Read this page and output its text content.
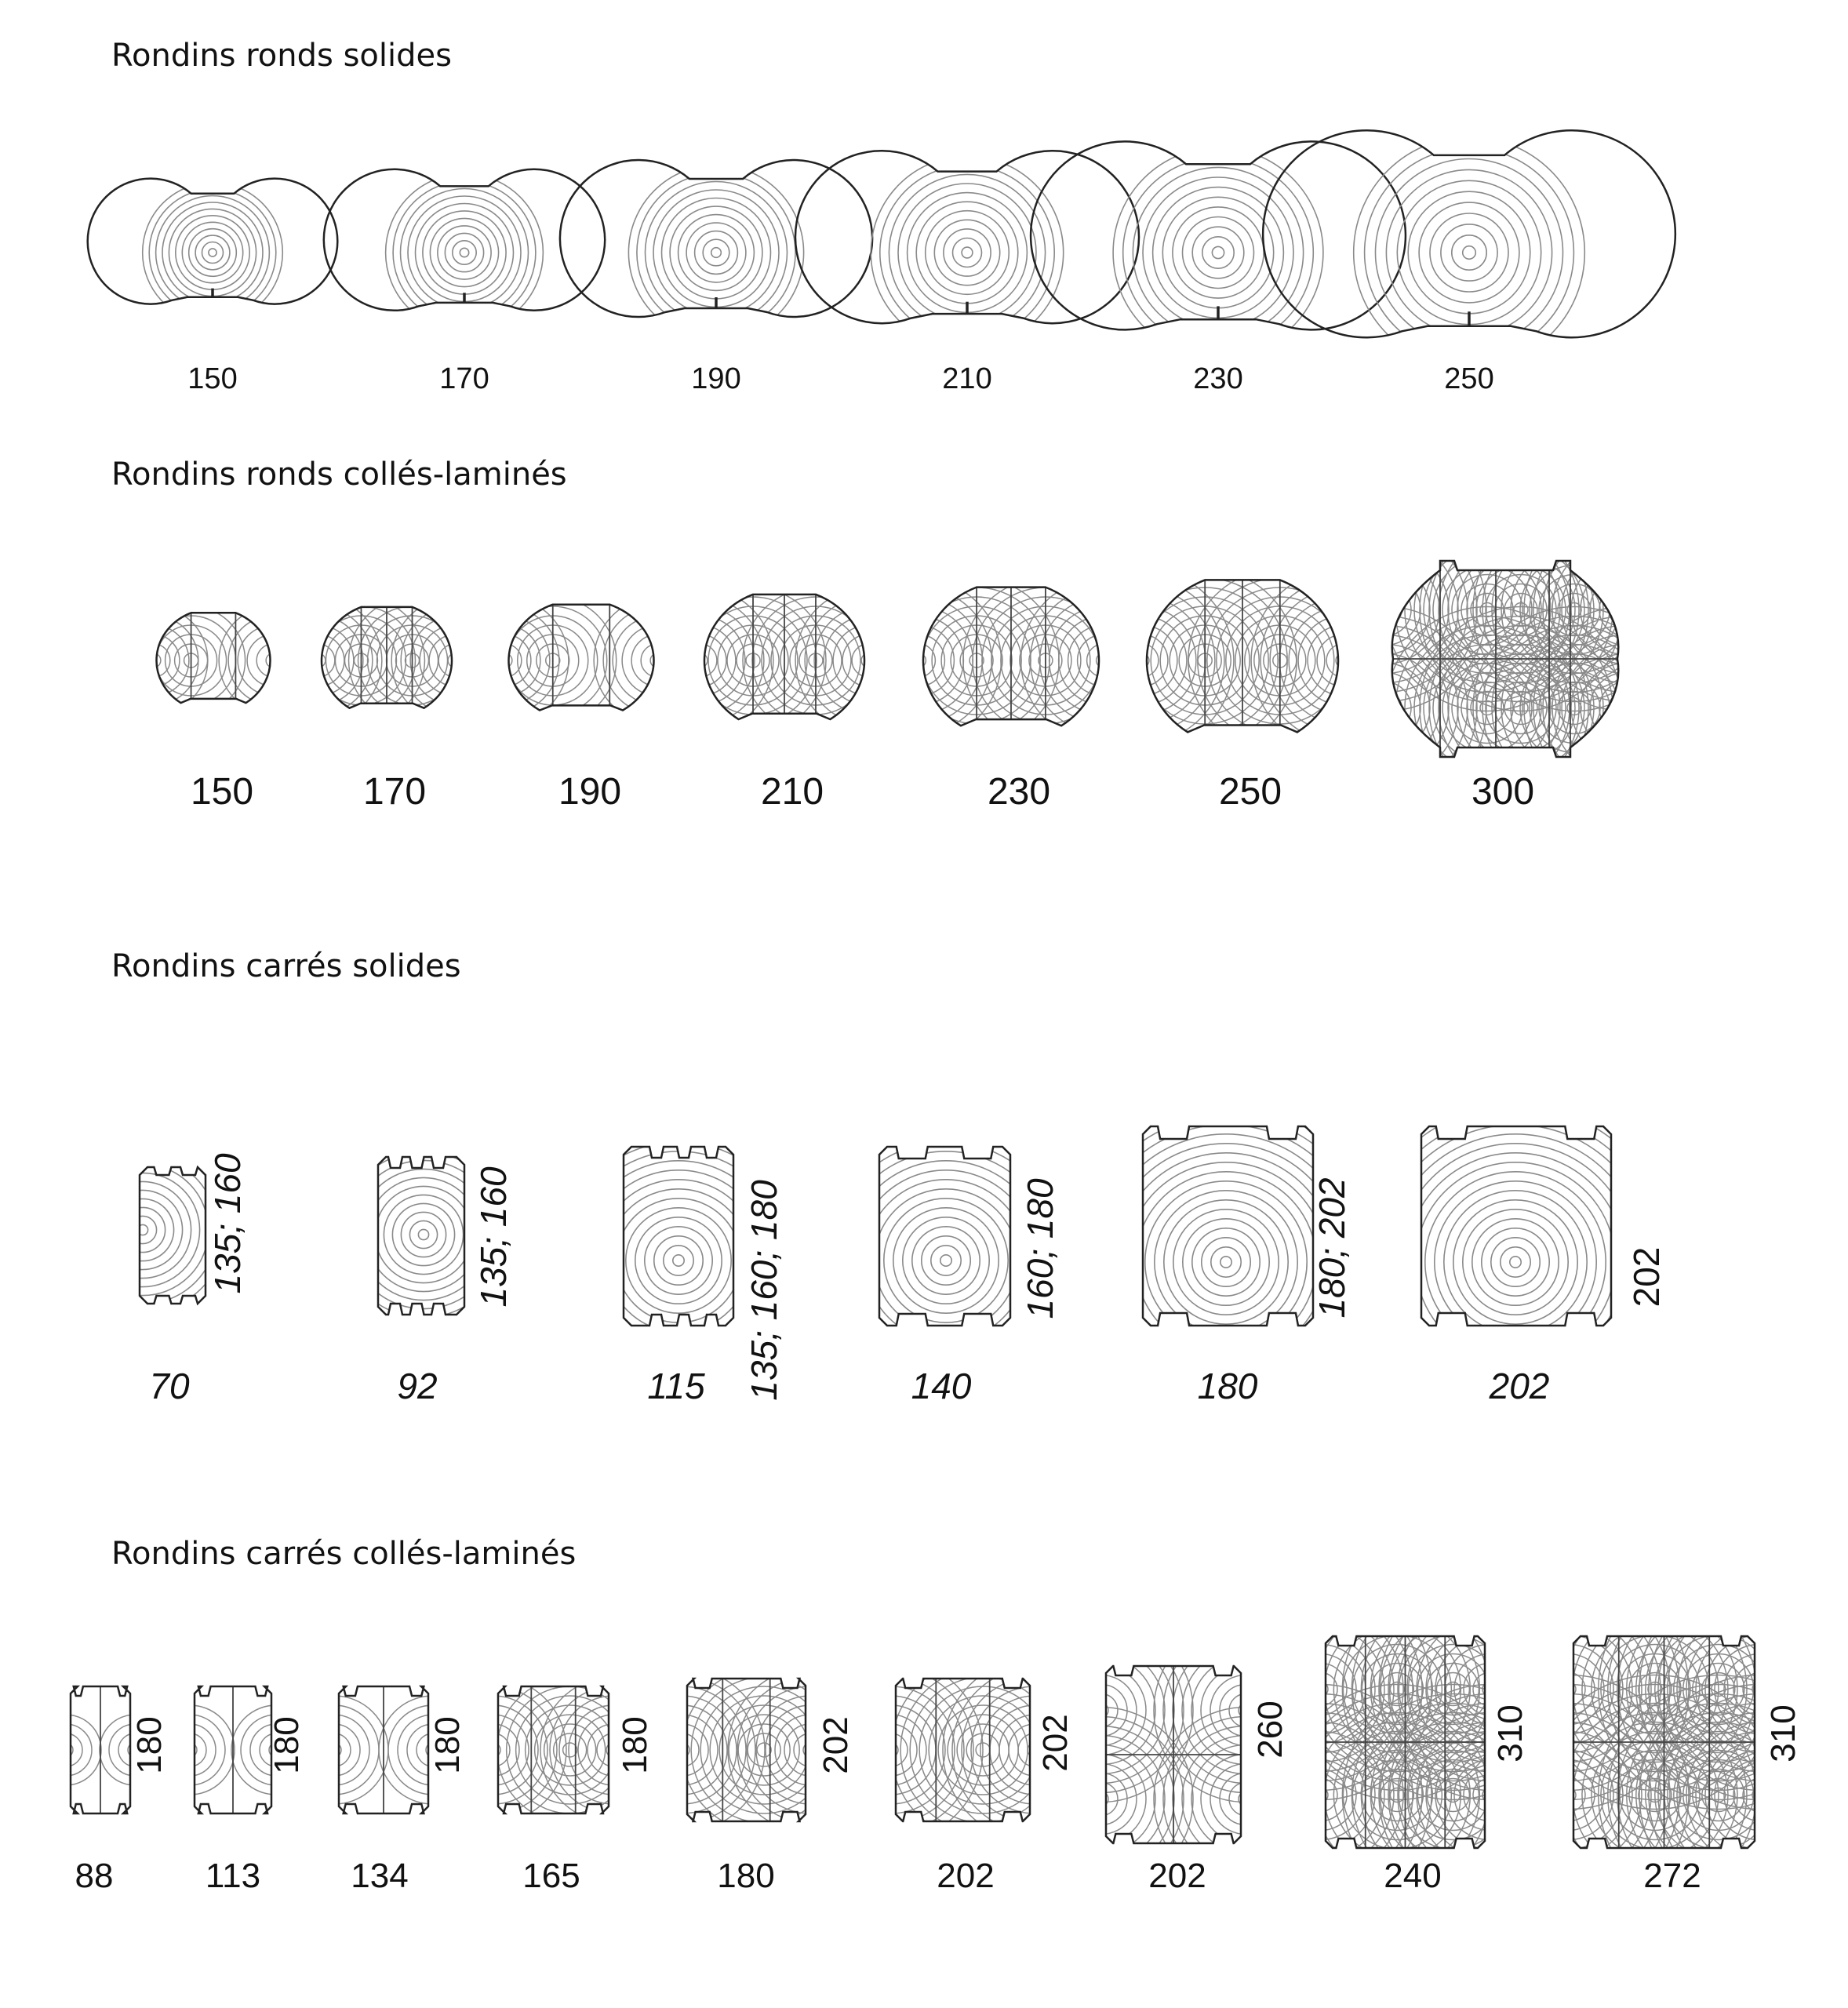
Rondins ronds solides
Rondins ronds collés-laminés
Rondins carrés solides
Rondins carrés collés-laminés
150	170	190	210	230	250
150	170	190	210	230	250	300
70
135; 160
92
135; 160
115 135; 160; 180	140
160; 180
180
180; 202
202
202
88
180
113
180
134
180
165
180
180
202
202
202
202
260
240
310
272
310
